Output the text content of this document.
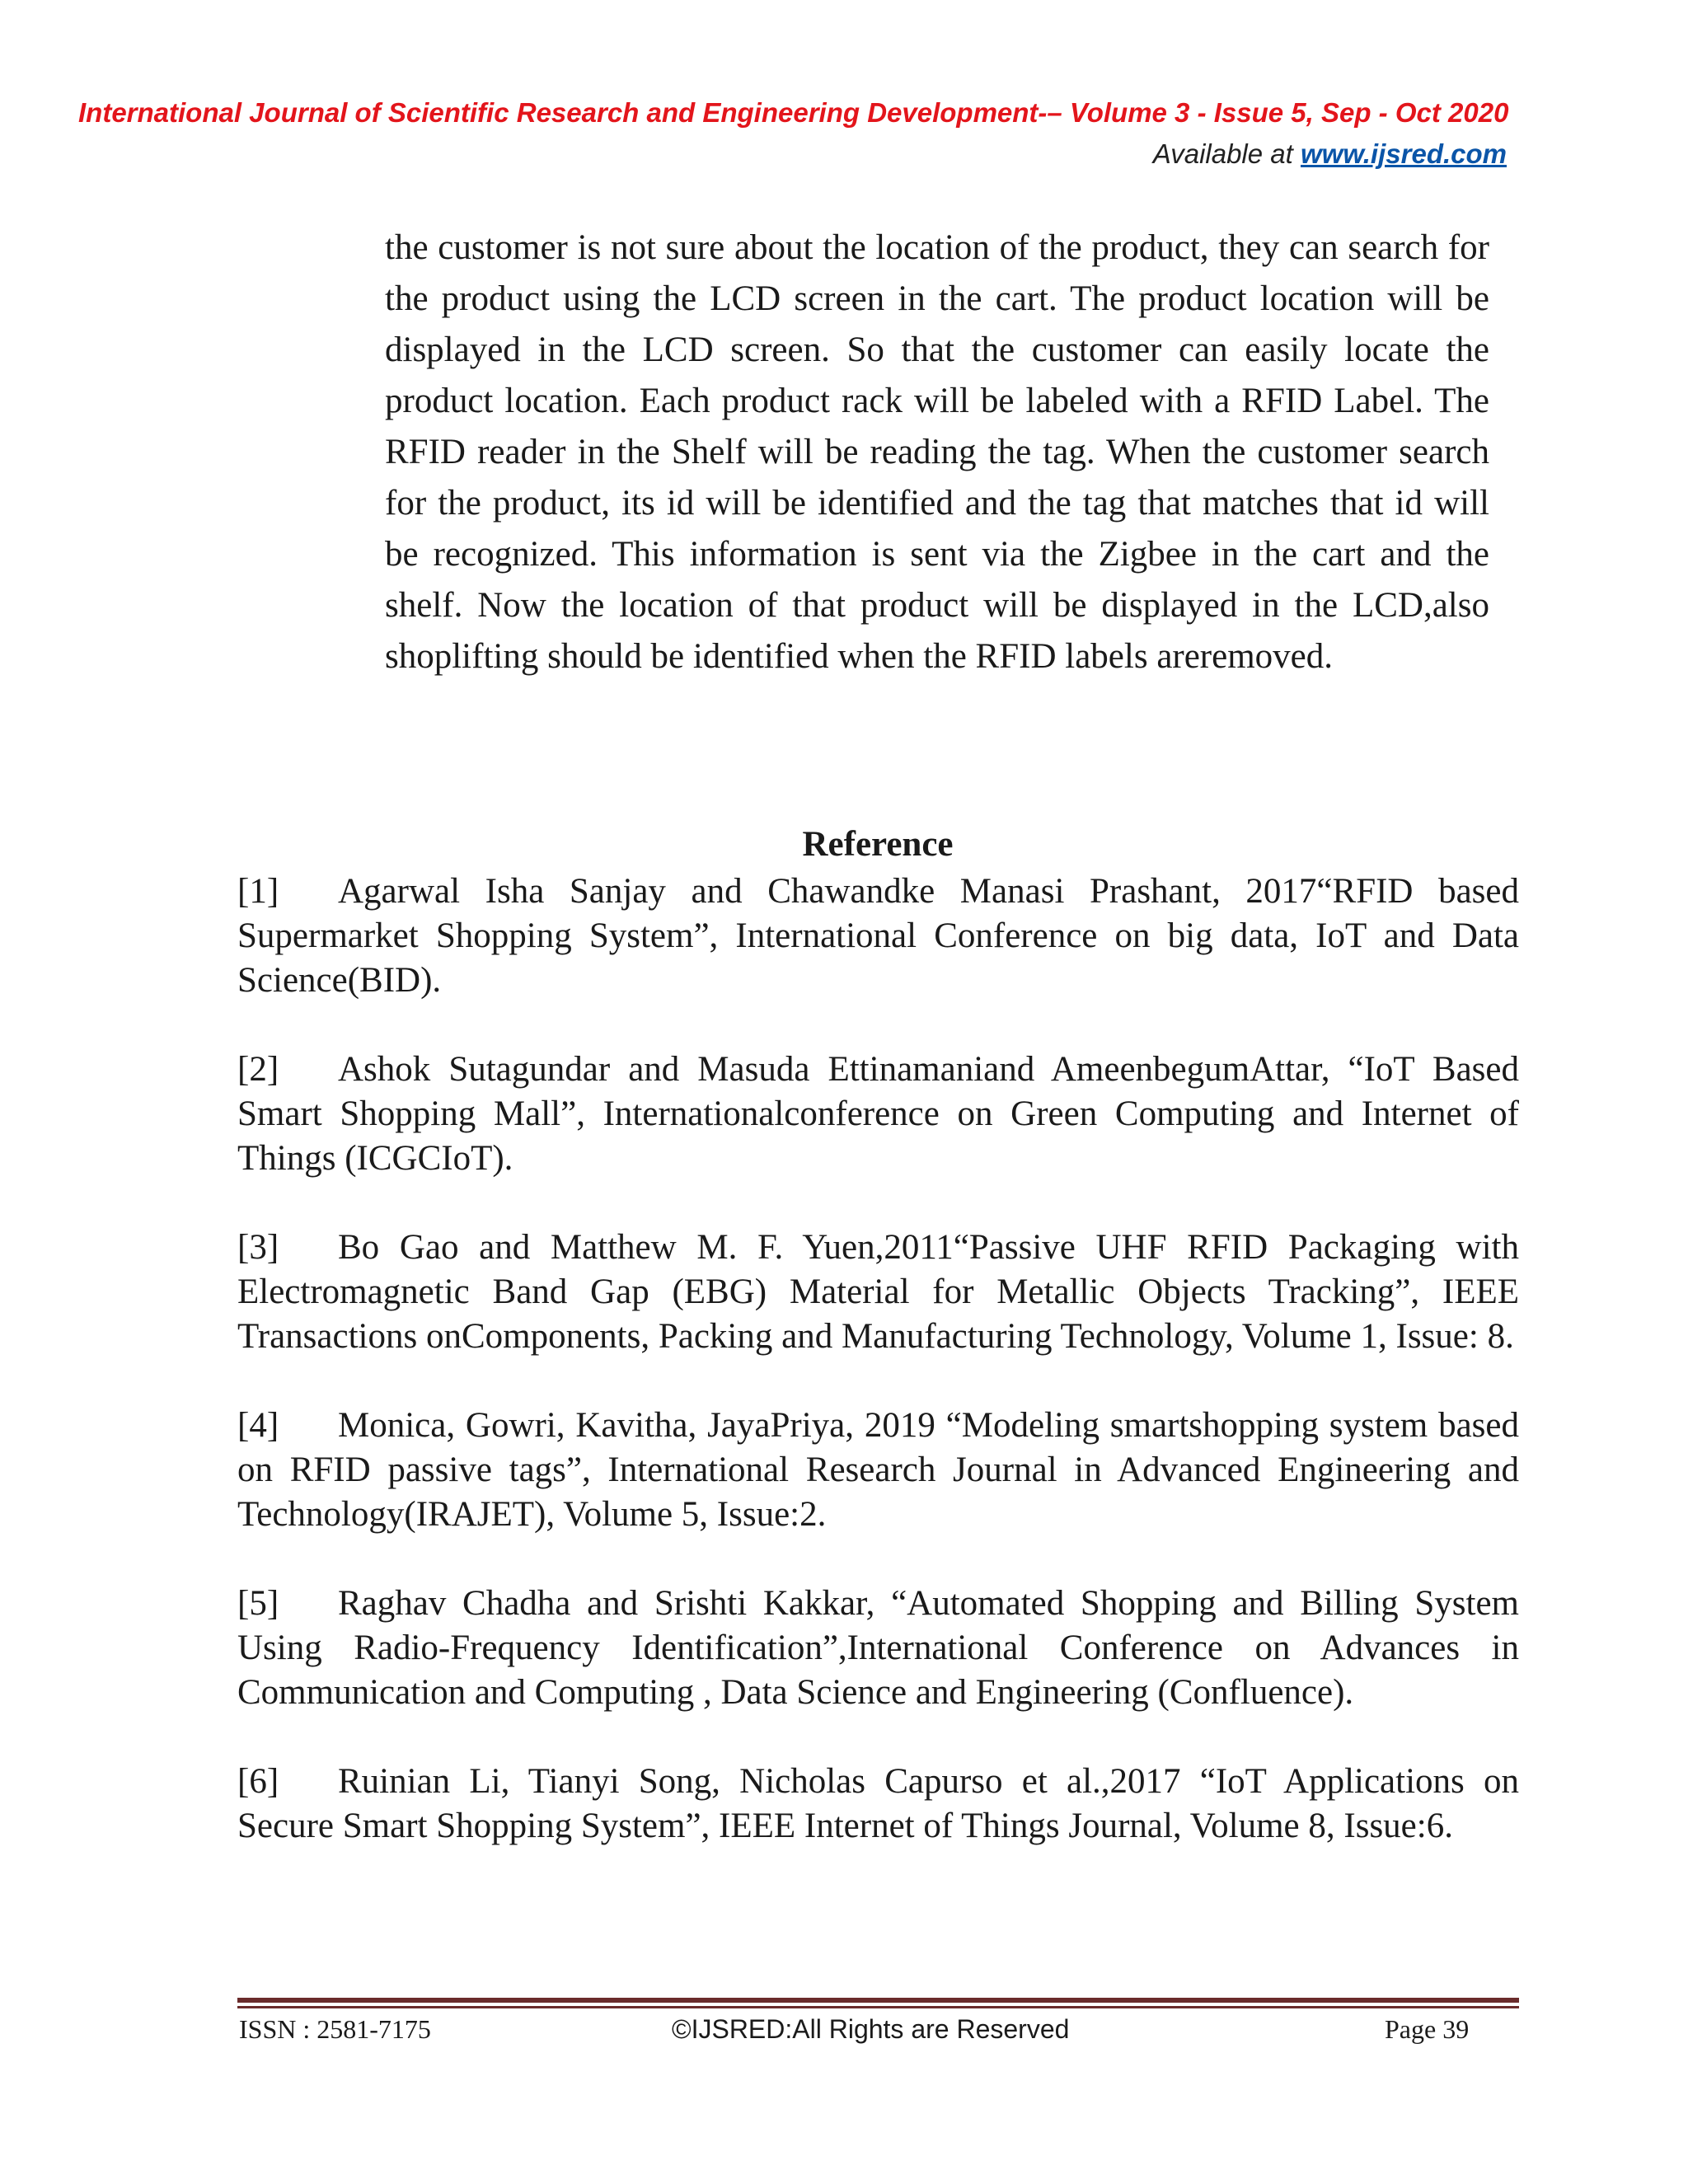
International Journal of Scientific Research and Engineering Development-– Volume 3 - Issue 5, Sep - Oct 2020
Available at www.ijsred.com

the customer is not sure about the location of the product, they can search for the product using the LCD screen in the cart. The product location will be displayed in the LCD screen. So that the customer can easily locate the product location. Each product rack will be labeled with a RFID Label. The RFID reader in the Shelf will be reading the tag. When the customer search for the product, its id will be identified and the tag that matches that id will be recognized. This information is sent via the Zigbee in the cart and the shelf. Now the location of that product will be displayed in the LCD,also shoplifting should be identified when the RFID labels areremoved.

Reference

[1] Agarwal Isha Sanjay and Chawandke Manasi Prashant, 2017“RFID based Supermarket Shopping System”, International Conference on big data, IoT and Data Science(BID).

[2] Ashok Sutagundar and Masuda Ettinamaniand AmeenbegumAttar, “IoT Based Smart Shopping Mall”, Internationalconference on Green Computing and Internet of Things (ICGCIoT).

[3] Bo Gao and Matthew M. F. Yuen,2011“Passive UHF RFID Packaging with Electromagnetic Band Gap (EBG) Material for Metallic Objects Tracking”, IEEE Transactions onComponents, Packing and Manufacturing Technology, Volume 1, Issue: 8.

[4] Monica, Gowri, Kavitha, JayaPriya, 2019 “Modeling smartshopping system based on RFID passive tags”, International Research Journal in Advanced Engineering and Technology(IRAJET), Volume 5, Issue:2.

[5] Raghav Chadha and Srishti Kakkar, “Automated Shopping and Billing System Using Radio-Frequency Identification”,International Conference on Advances in Communication and Computing , Data Science and Engineering (Confluence).

[6] Ruinian Li, Tianyi Song, Nicholas Capurso et al.,2017 “IoT Applications on Secure Smart Shopping System”, IEEE Internet of Things Journal, Volume 8, Issue:6.

ISSN : 2581-7175	©IJSRED:All Rights are Reserved	Page 39
